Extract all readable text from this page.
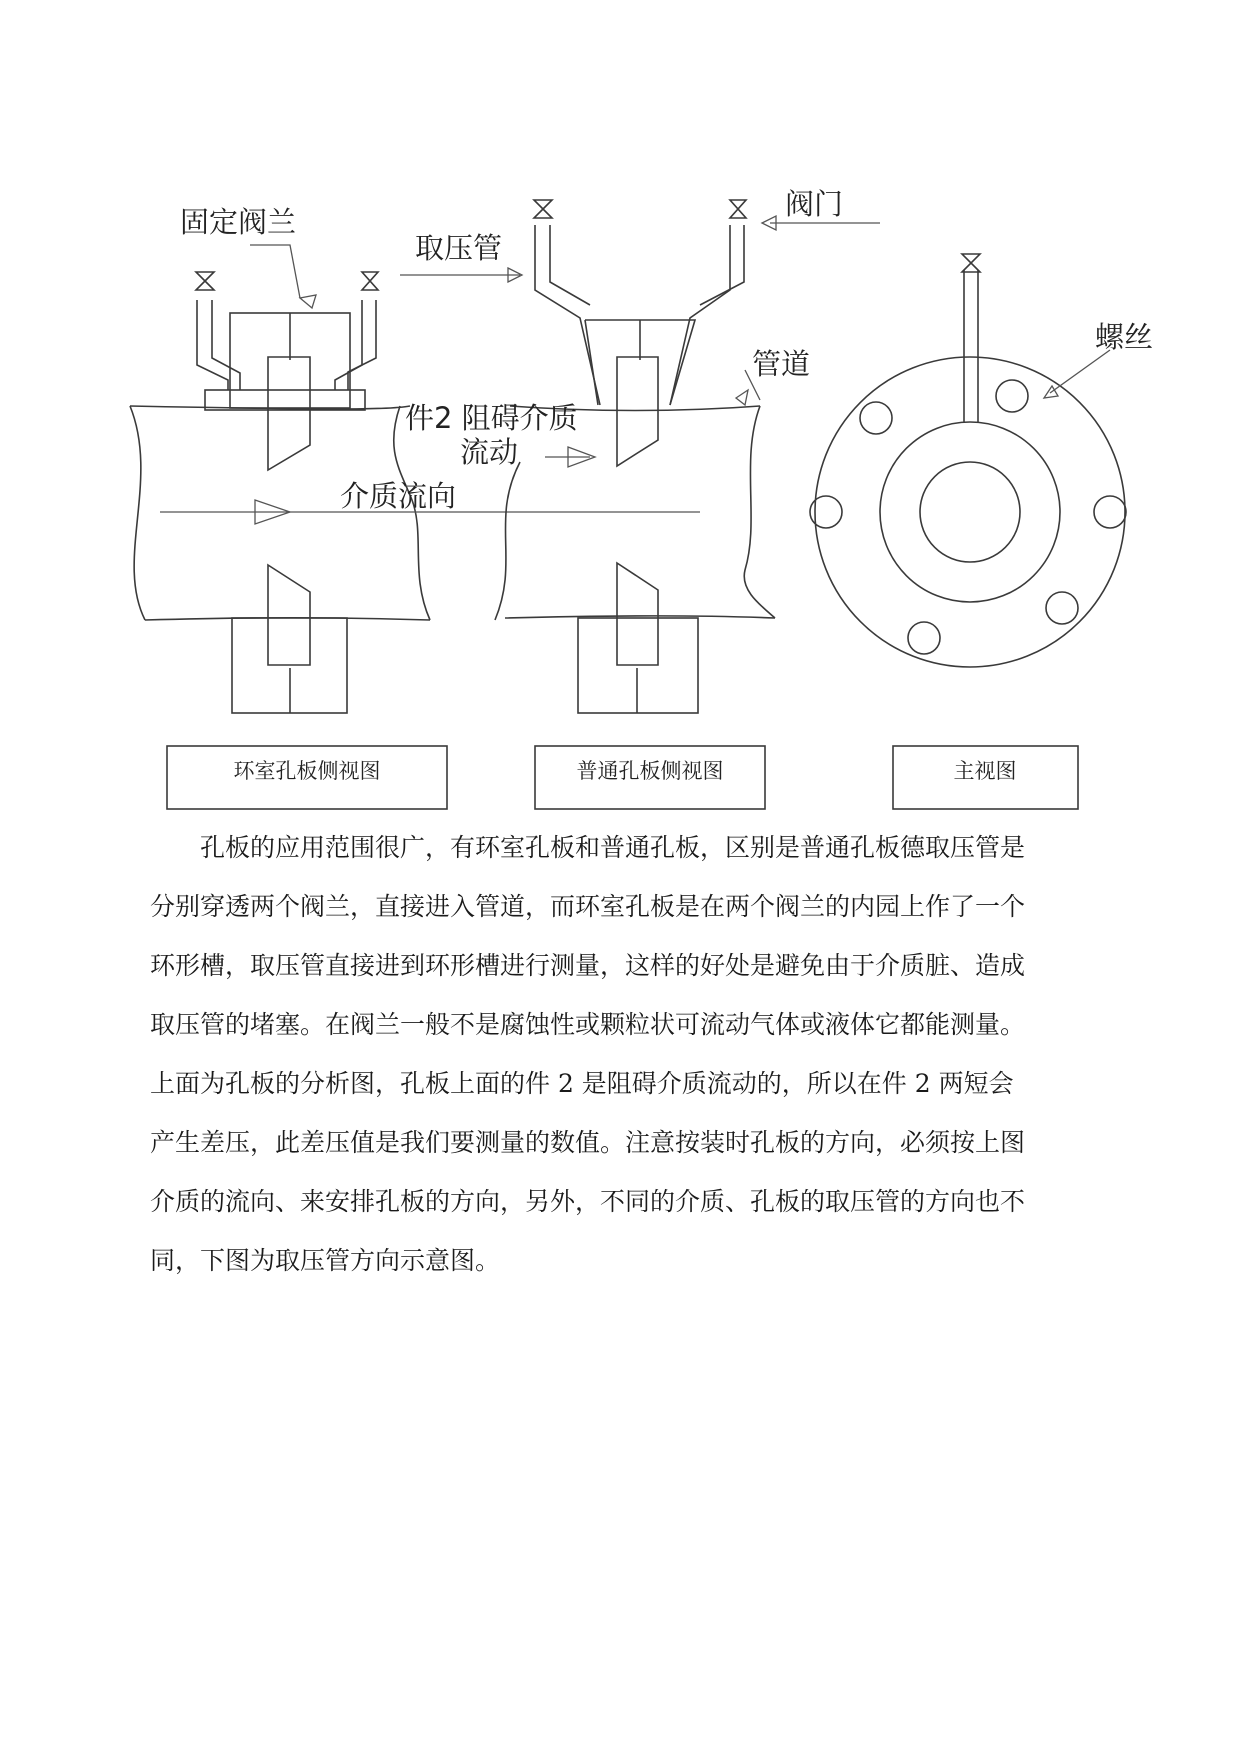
固定阀兰
取压管
阀门
管道
螺丝
件2 阻碍介质
流动
介质流向
环室孔板侧视图	普通孔板侧视图	主视图
孔板的应用范围很广，有环室孔板和普通孔板，区别是普通孔板德取压管是
分别穿透两个阀兰，直接进入管道，而环室孔板是在两个阀兰的内园上作了一个
环形槽，取压管直接进到环形槽进行测量，这样的好处是避免由于介质脏、造成
取压管的堵塞。在阀兰一般不是腐蚀性或颗粒状可流动气体或液体它都能测量。
上面为孔板的分析图，孔板上面的件 2 是阻碍介质流动的，所以在件 2 两短会
产生差压，此差压值是我们要测量的数值。注意按装时孔板的方向，必须按上图
介质的流向、来安排孔板的方向，另外，不同的介质、孔板的取压管的方向也不
同，下图为取压管方向示意图。
